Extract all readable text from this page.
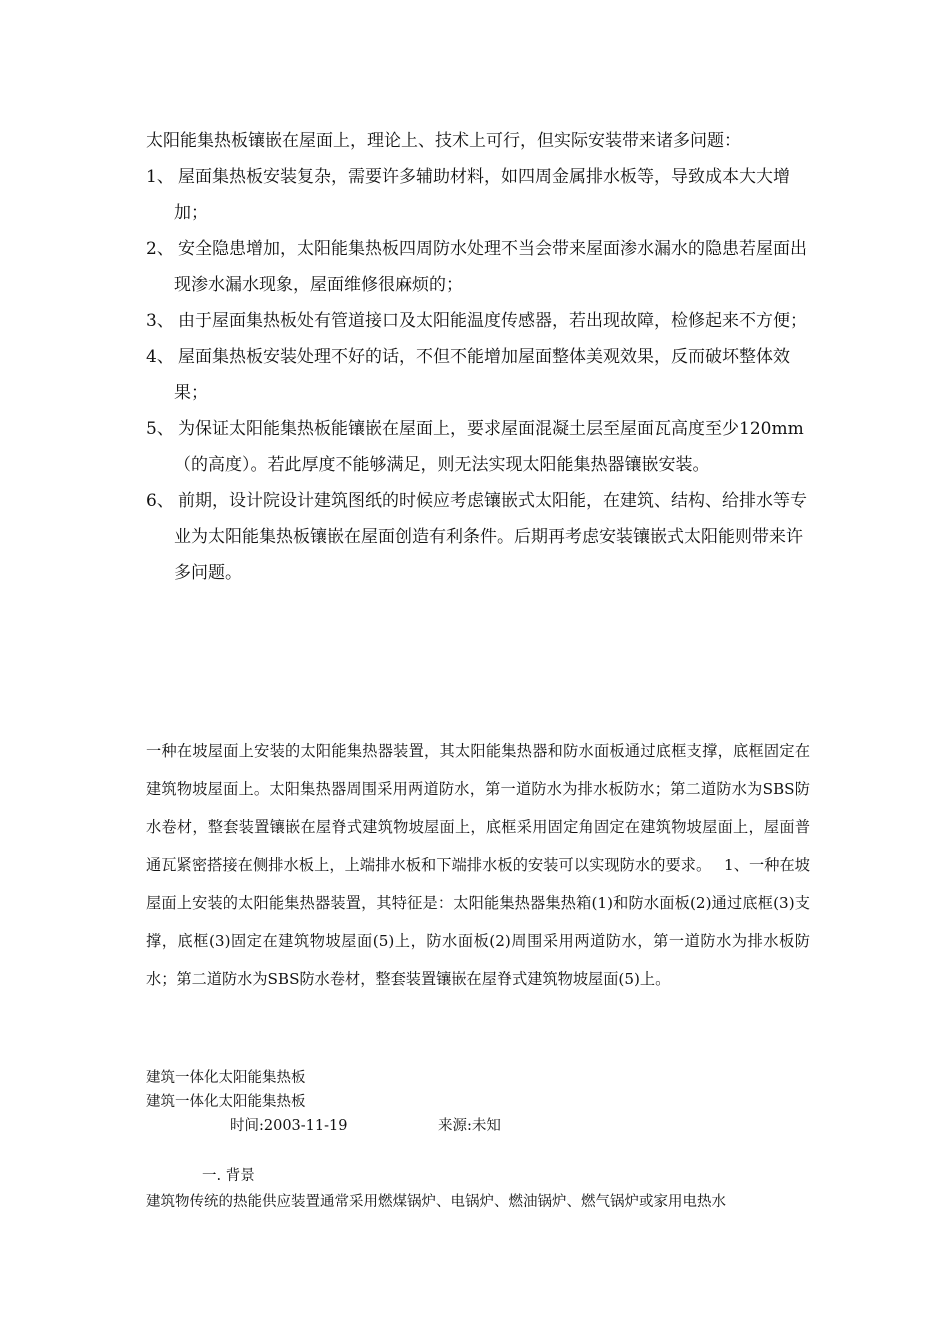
太阳能集热板镶嵌在屋面上，理论上、技术上可行，但实际安装带来诸多问题：
1、 屋面集热板安装复杂，需要许多辅助材料，如四周金属排水板等，导致成本大大增加；
2、 安全隐患增加，太阳能集热板四周防水处理不当会带来屋面渗水漏水的隐患若屋面出现渗水漏水现象，屋面维修很麻烦的；
3、 由于屋面集热板处有管道接口及太阳能温度传感器，若出现故障，检修起来不方便；
4、 屋面集热板安装处理不好的话，不但不能增加屋面整体美观效果，反而破坏整体效果；
5、 为保证太阳能集热板能镶嵌在屋面上，要求屋面混凝土层至屋面瓦高度至少120mm（的高度）。若此厚度不能够满足，则无法实现太阳能集热器镶嵌安装。
6、 前期，设计院设计建筑图纸的时候应考虑镶嵌式太阳能，在建筑、结构、给排水等专业为太阳能集热板镶嵌在屋面创造有利条件。后期再考虑安装镶嵌式太阳能则带来许多问题。

一种在坡屋面上安装的太阳能集热器装置，其太阳能集热器和防水面板通过底框支撑，底框固定在建筑物坡屋面上。太阳集热器周围采用两道防水，第一道防水为排水板防水；第二道防水为SBS防水卷材，整套装置镶嵌在屋脊式建筑物坡屋面上，底框采用固定角固定在建筑物坡屋面上，屋面普通瓦紧密搭接在侧排水板上，上端排水板和下端排水板的安装可以实现防水的要求。　 1、一种在坡屋面上安装的太阳能集热器装置，其特征是：太阳能集热器集热箱(1)和防水面板(2)通过底框(3)支撑，底框(3)固定在建筑物坡屋面(5)上，防水面板(2)周围采用两道防水，第一道防水为排水板防水；第二道防水为SBS防水卷材，整套装置镶嵌在屋脊式建筑物坡屋面(5)上。

建筑一体化太阳能集热板
建筑一体化太阳能集热板
时间:2003-11-19	来源:未知
一. 背景
建筑物传统的热能供应装置通常采用燃煤锅炉、电锅炉、燃油锅炉、燃气锅炉或家用电热水
